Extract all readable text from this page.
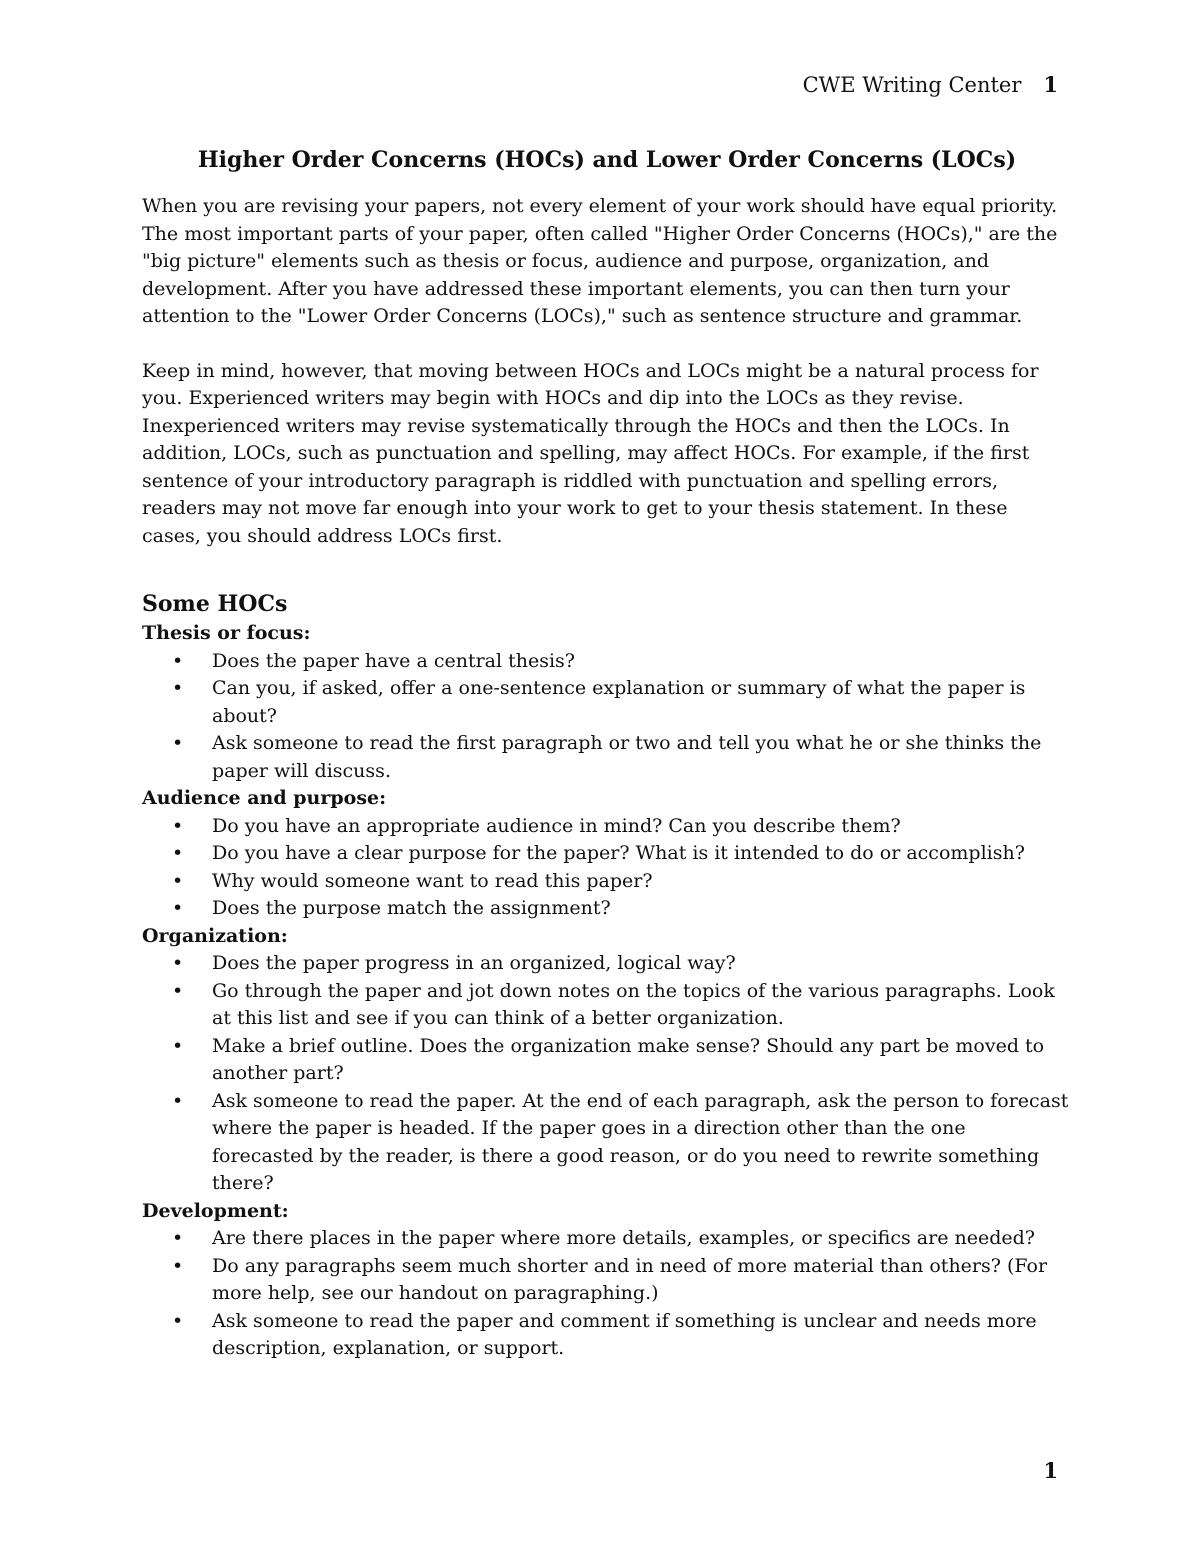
CWE Writing Center 1
Higher Order Concerns (HOCs) and Lower Order Concerns (LOCs)

When you are revising your papers, not every element of your work should have equal priority. The most important parts of your paper, often called "Higher Order Concerns (HOCs)," are the "big picture" elements such as thesis or focus, audience and purpose, organization, and development. After you have addressed these important elements, you can then turn your attention to the "Lower Order Concerns (LOCs)," such as sentence structure and grammar.

Keep in mind, however, that moving between HOCs and LOCs might be a natural process for you. Experienced writers may begin with HOCs and dip into the LOCs as they revise. Inexperienced writers may revise systematically through the HOCs and then the LOCs. In addition, LOCs, such as punctuation and spelling, may affect HOCs. For example, if the first sentence of your introductory paragraph is riddled with punctuation and spelling errors, readers may not move far enough into your work to get to your thesis statement. In these cases, you should address LOCs first.

Some HOCs
Thesis or focus:
• Does the paper have a central thesis?
• Can you, if asked, offer a one-sentence explanation or summary of what the paper is about?
• Ask someone to read the first paragraph or two and tell you what he or she thinks the paper will discuss.
Audience and purpose:
• Do you have an appropriate audience in mind? Can you describe them?
• Do you have a clear purpose for the paper? What is it intended to do or accomplish?
• Why would someone want to read this paper?
• Does the purpose match the assignment?
Organization:
• Does the paper progress in an organized, logical way?
• Go through the paper and jot down notes on the topics of the various paragraphs. Look at this list and see if you can think of a better organization.
• Make a brief outline. Does the organization make sense? Should any part be moved to another part?
• Ask someone to read the paper. At the end of each paragraph, ask the person to forecast where the paper is headed. If the paper goes in a direction other than the one forecasted by the reader, is there a good reason, or do you need to rewrite something there?
Development:
• Are there places in the paper where more details, examples, or specifics are needed?
• Do any paragraphs seem much shorter and in need of more material than others? (For more help, see our handout on paragraphing.)
• Ask someone to read the paper and comment if something is unclear and needs more description, explanation, or support.
1
